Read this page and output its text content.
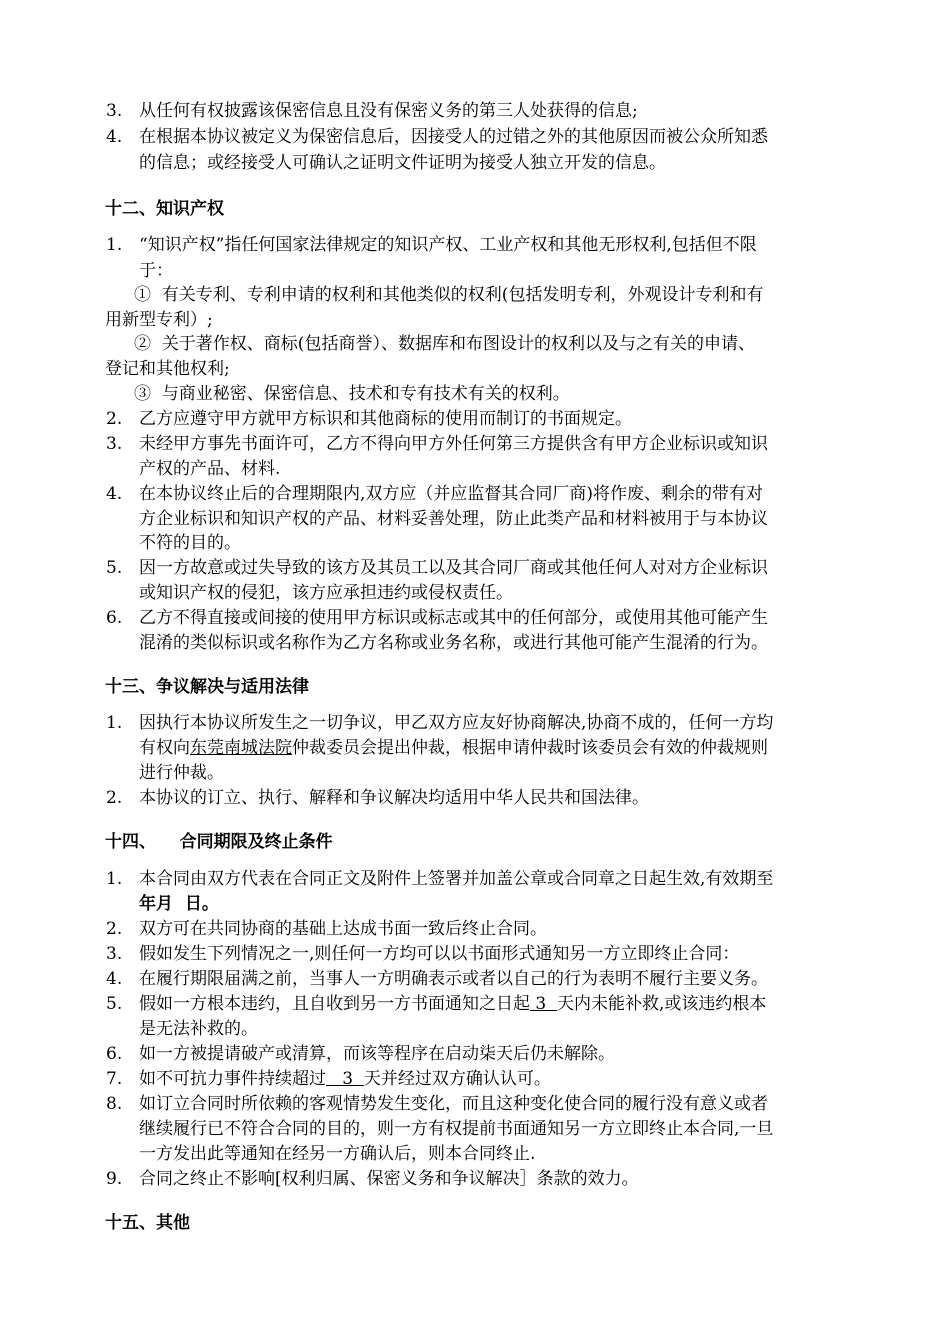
3. 从任何有权披露该保密信息且没有保密义务的第三人处获得的信息;
4. 在根据本协议被定义为保密信息后，因接受人的过错之外的其他原因而被公众所知悉
的信息；或经接受人可确认之证明文件证明为接受人独立开发的信息。
十二、知识产权
1. “知识产权”指任何国家法律规定的知识产权、工业产权和其他无形权利,包括但不限
于：
① 有关专利、专利申请的权利和其他类似的权利(包括发明专利，外观设计专利和有
用新型专利）;
② 关于著作权、商标(包括商誉）、数据库和布图设计的权利以及与之有关的申请、
登记和其他权利;
③ 与商业秘密、保密信息、技术和专有技术有关的权利。
2. 乙方应遵守甲方就甲方标识和其他商标的使用而制订的书面规定。
3. 未经甲方事先书面许可，乙方不得向甲方外任何第三方提供含有甲方企业标识或知识
产权的产品、材料.
4. 在本协议终止后的合理期限内,双方应（并应监督其合同厂商)将作废、剩余的带有对
方企业标识和知识产权的产品、材料妥善处理，防止此类产品和材料被用于与本协议
不符的目的。
5. 因一方故意或过失导致的该方及其员工以及其合同厂商或其他任何人对对方企业标识
或知识产权的侵犯，该方应承担违约或侵权责任。
6. 乙方不得直接或间接的使用甲方标识或标志或其中的任何部分，或使用其他可能产生
混淆的类似标识或名称作为乙方名称或业务名称，或进行其他可能产生混淆的行为。
十三、争议解决与适用法律
1. 因执行本协议所发生之一切争议，甲乙双方应友好协商解决,协商不成的，任何一方均
有权向东莞南城法院仲裁委员会提出仲裁，根据申请仲裁时该委员会有效的仲裁规则
进行仲裁。
2. 本协议的订立、执行、解释和争议解决均适用中华人民共和国法律。
十四、    合同期限及终止条件
1. 本合同由双方代表在合同正文及附件上签署并加盖公章或合同章之日起生效,有效期至
年月  日。
2. 双方可在共同协商的基础上达成书面一致后终止合同。
3. 假如发生下列情况之一,则任何一方均可以以书面形式通知另一方立即终止合同：
4. 在履行期限届满之前，当事人一方明确表示或者以自己的行为表明不履行主要义务。
5. 假如一方根本违约，且自收到另一方书面通知之日起 3  天内未能补救,或该违约根本
是无法补救的。
6. 如一方被提请破产或清算，而该等程序在启动柒天后仍未解除。
7. 如不可抗力事件持续超过   3  天并经过双方确认认可。
8. 如订立合同时所依赖的客观情势发生变化，而且这种变化使合同的履行没有意义或者
继续履行已不符合合同的目的，则一方有权提前书面通知另一方立即终止本合同,一旦
一方发出此等通知在经另一方确认后，则本合同终止.
9. 合同之终止不影响[权利归属、保密义务和争议解决］条款的效力。
十五、其他
